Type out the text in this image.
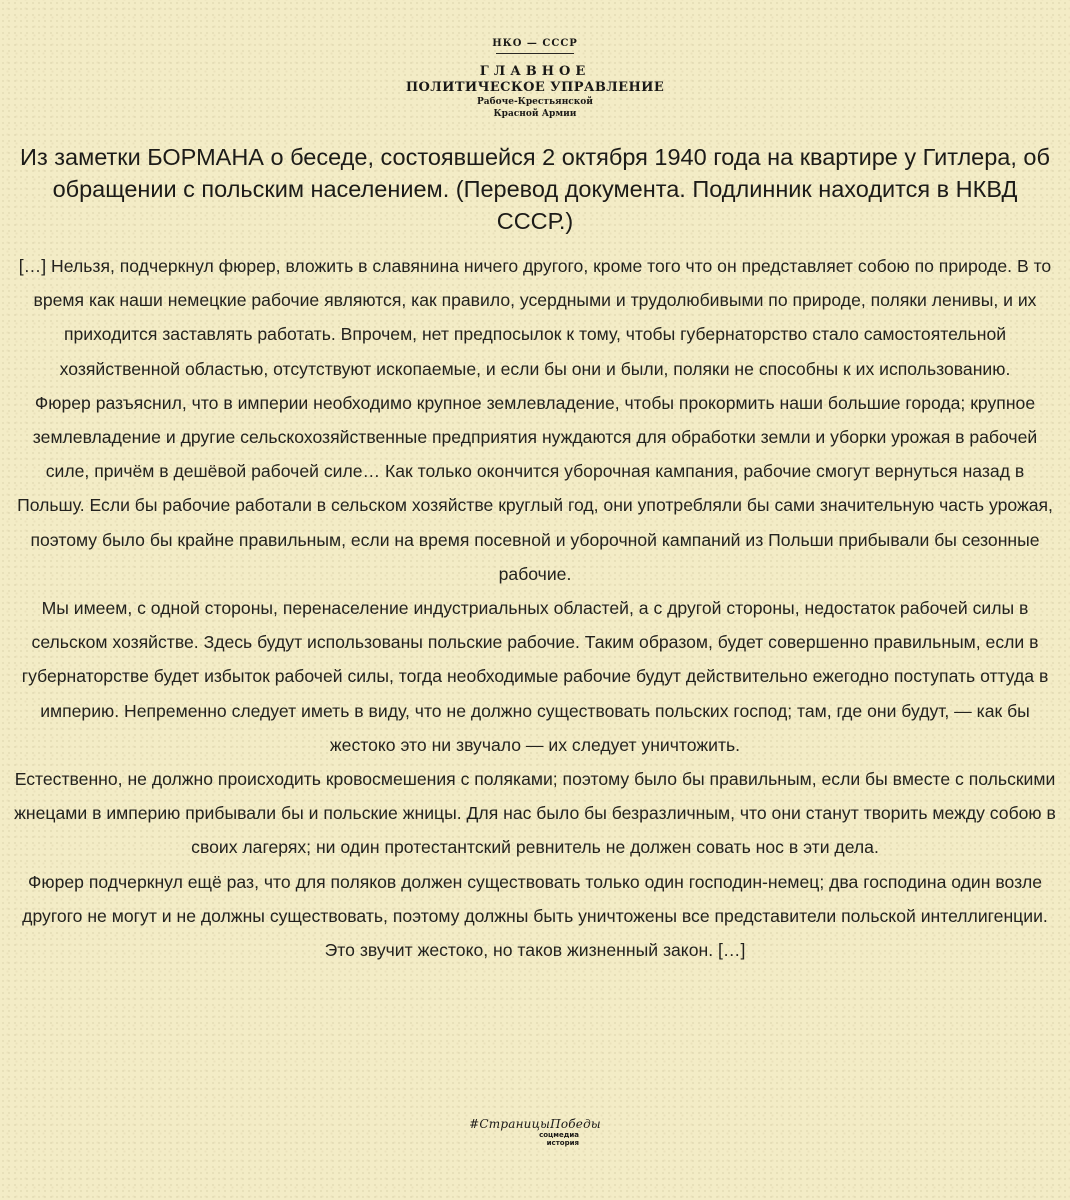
НКО — СССР
ГЛАВНОЕ
ПОЛИТИЧЕСКОЕ УПРАВЛЕНИЕ
Рабоче-Крестьянской
Красной Армии
Из заметки БОРМАНА о беседе, состоявшейся 2 октября 1940 года на квартире у Гитлера, об обращении с польским населением. (Перевод документа. Подлинник находится в НКВД СССР.)

[…] Нельзя, подчеркнул фюрер, вложить в славянина ничего другого, кроме того что он представляет собою по природе. В то время как наши немецкие рабочие являются, как правило, усердными и трудолюбивыми по природе, поляки ленивы, и их приходится заставлять работать. Впрочем, нет предпосылок к тому, чтобы губернаторство стало самостоятельной хозяйственной областью, отсутствуют ископаемые, и если бы они и были, поляки не способны к их использованию.

Фюрер разъяснил, что в империи необходимо крупное землевладение, чтобы прокормить наши большие города; крупное землевладение и другие сельскохозяйственные предприятия нуждаются для обработки земли и уборки урожая в рабочей силе, причём в дешёвой рабочей силе… Как только окончится уборочная кампания, рабочие смогут вернуться назад в Польшу. Если бы рабочие работали в сельском хозяйстве круглый год, они употребляли бы сами значительную часть урожая, поэтому было бы крайне правильным, если на время посевной и уборочной кампаний из Польши прибывали бы сезонные рабочие.

Мы имеем, с одной стороны, перенаселение индустриальных областей, а с другой стороны, недостаток рабочей силы в сельском хозяйстве. Здесь будут использованы польские рабочие. Таким образом, будет совершенно правильным, если в губернаторстве будет избыток рабочей силы, тогда необходимые рабочие будут действительно ежегодно поступать оттуда в империю. Непременно следует иметь в виду, что не должно существовать польских господ; там, где они будут, — как бы жестоко это ни звучало — их следует уничтожить.

Естественно, не должно происходить кровосмешения с поляками; поэтому было бы правильным, если бы вместе с польскими жнецами в империю прибывали бы и польские жницы. Для нас было бы безразличным, что они станут творить между собою в своих лагерях; ни один протестантский ревнитель не должен совать нос в эти дела.

Фюрер подчеркнул ещё раз, что для поляков должен существовать только один господин-немец; два господина один возле другого не могут и не должны существовать, поэтому должны быть уничтожены все представители польской интеллигенции. Это звучит жестоко, но таков жизненный закон. […]

#СтраницыПобеды
соцмедиа
история
